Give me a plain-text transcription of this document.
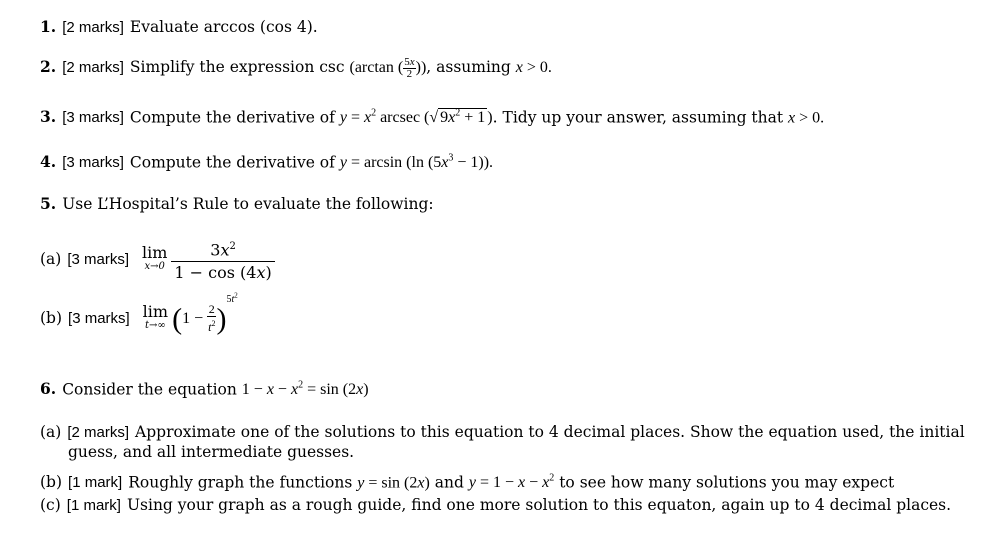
1. [2 marks] Evaluate arccos (cos 4).
2. [2 marks] Simplify the expression csc (arctan ( $\frac{5x}{2}$ )), assuming x > 0.
3. [3 marks] Compute the derivative of $y = x^2$ arcsec (√ $9x^2 + 1$ ). Tidy up your answer, assuming that x > 0.
4. [3 marks] Compute the derivative of y = arcsin (ln $(5x^3 - 1)$).
5. Use L’Hospital’s Rule to evaluate the following:
(a) [3 marks] lim
$x\to 0 \frac{3x^2}{1 - \cos (4x)}$
(b) [3 marks] lim
t→∞ $(1 - \frac{2}{t^2} )^{5t^2}$
6. Consider the equation $1 - x - x^2 = \sin (2x)$
(a) [2 marks] Approximate one of the solutions to this equation to 4 decimal places. Show the equation used, the initial
guess, and all intermediate guesses.
(b) [1 mark] Roughly graph the functions y = sin (2x) and $y = 1 - x - x^2$ to see how many solutions you may expect
(c) [1 mark] Using your graph as a rough guide, find one more solution to this equaton, again up to 4 decimal places.
